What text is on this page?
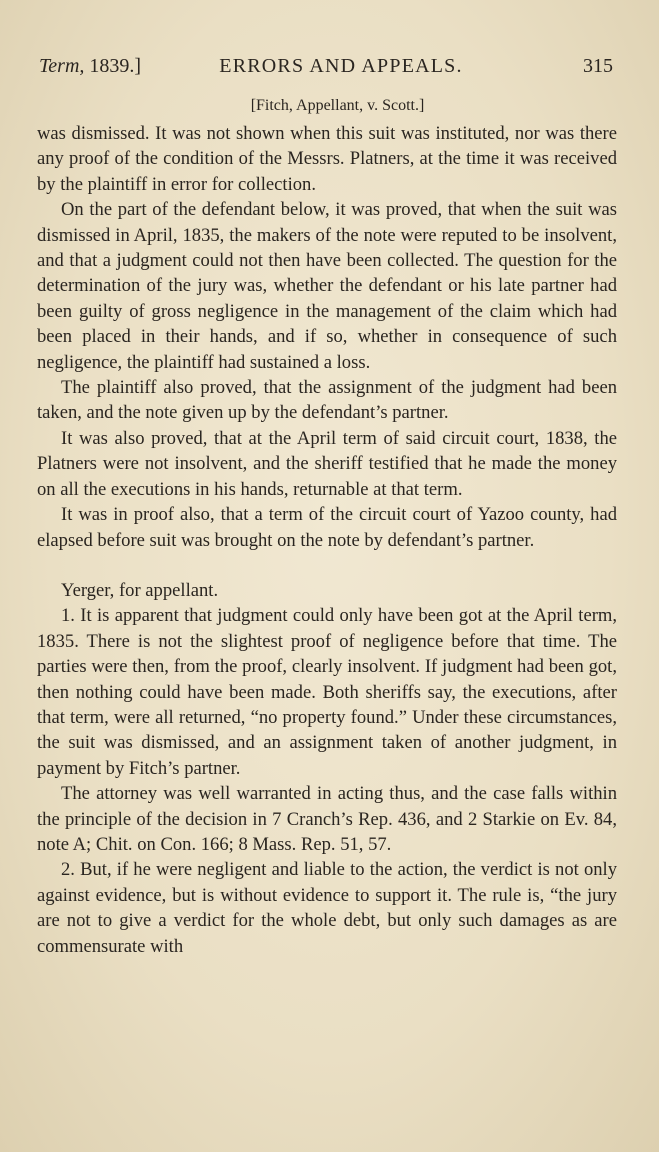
Term, 1839.]	ERRORS AND APPEALS.	315
[Fitch, Appellant, v. Scott.]

was dismissed. It was not shown when this suit was instituted, nor was there any proof of the condition of the Messrs. Platners, at the time it was received by the plaintiff in error for collection.

On the part of the defendant below, it was proved, that when the suit was dismissed in April, 1835, the makers of the note were reputed to be insolvent, and that a judgment could not then have been collected. The question for the determination of the jury was, whether the defendant or his late partner had been guilty of gross negligence in the management of the claim which had been placed in their hands, and if so, whether in consequence of such negligence, the plaintiff had sustained a loss.

The plaintiff also proved, that the assignment of the judgment had been taken, and the note given up by the defendant’s partner.

It was also proved, that at the April term of said circuit court, 1838, the Platners were not insolvent, and the sheriff testified that he made the money on all the executions in his hands, returnable at that term.

It was in proof also, that a term of the circuit court of Yazoo county, had elapsed before suit was brought on the note by defendant’s partner.

Yerger, for appellant.

1. It is apparent that judgment could only have been got at the April term, 1835. There is not the slightest proof of negligence before that time. The parties were then, from the proof, clearly insolvent. If judgment had been got, then nothing could have been made. Both sheriffs say, the executions, after that term, were all returned, “no property found.” Under these circumstances, the suit was dismissed, and an assignment taken of another judgment, in payment by Fitch’s partner.

The attorney was well warranted in acting thus, and the case falls within the principle of the decision in 7 Cranch’s Rep. 436, and 2 Starkie on Ev. 84, note A; Chit. on Con. 166; 8 Mass. Rep. 51, 57.

2. But, if he were negligent and liable to the action, the verdict is not only against evidence, but is without evidence to support it. The rule is, “the jury are not to give a verdict for the whole debt, but only such damages as are commensurate with
